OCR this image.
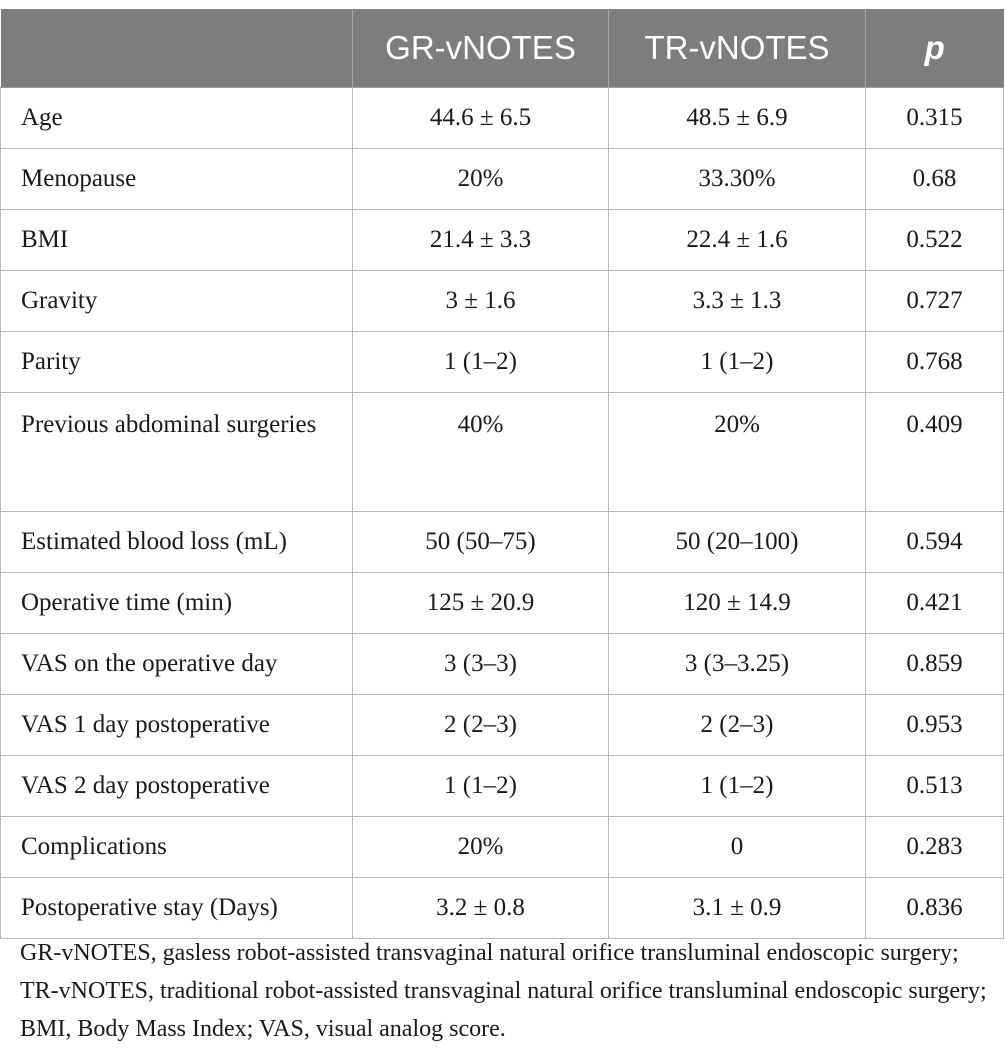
	GR-vNOTES	TR-vNOTES	p
Age	44.6 ± 6.5	48.5 ± 6.9	0.315
Menopause	20%	33.30%	0.68
BMI	21.4 ± 3.3	22.4 ± 1.6	0.522
Gravity	3 ± 1.6	3.3 ± 1.3	0.727
Parity	1 (1–2)	1 (1–2)	0.768
Previous abdominal surgeries	40%	20%	0.409
Estimated blood loss (mL)	50 (50–75)	50 (20–100)	0.594
Operative time (min)	125 ± 20.9	120 ± 14.9	0.421
VAS on the operative day	3 (3–3)	3 (3–3.25)	0.859
VAS 1 day postoperative	2 (2–3)	2 (2–3)	0.953
VAS 2 day postoperative	1 (1–2)	1 (1–2)	0.513
Complications	20%	0	0.283
Postoperative stay (Days)	3.2 ± 0.8	3.1 ± 0.9	0.836
GR-vNOTES, gasless robot-assisted transvaginal natural orifice transluminal endoscopic surgery; TR-vNOTES, traditional robot-assisted transvaginal natural orifice transluminal endoscopic surgery; BMI, Body Mass Index; VAS, visual analog score.
